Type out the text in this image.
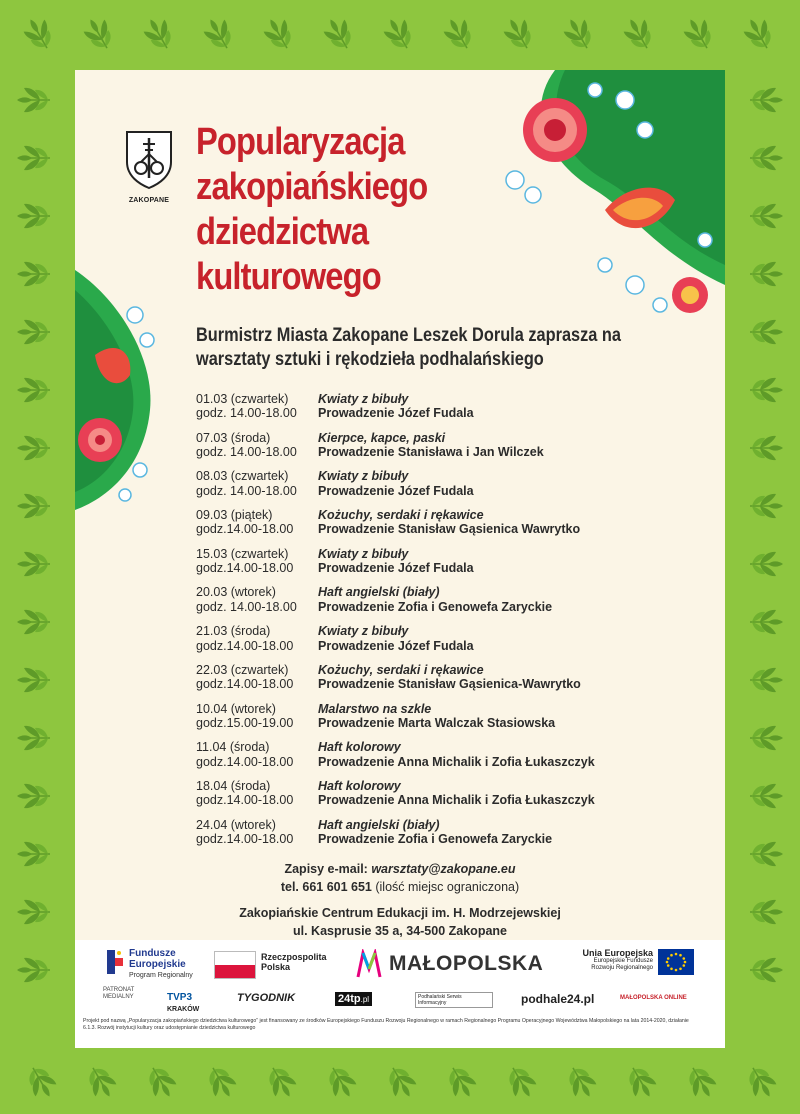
ZAKOPANE
Popularyzacja zakopiańskiego dziedzictwa kulturowego

Burmistrz Miasta Zakopane Leszek Dorula zaprasza na warsztaty sztuki i rękodzieła podhalańskiego

01.03 (czwartek)
godz. 14.00-18.00
Kwiaty z bibuły
Prowadzenie Józef Fudala
07.03 (środa)
godz. 14.00-18.00
Kierpce, kapce, paski
Prowadzenie Stanisława i Jan Wilczek
08.03 (czwartek)
godz. 14.00-18.00
Kwiaty z bibuły
Prowadzenie Józef Fudala
09.03 (piątek)
godz.14.00-18.00
Kożuchy, serdaki i rękawice
Prowadzenie Stanisław Gąsienica Wawrytko
15.03 (czwartek)
godz.14.00-18.00
Kwiaty z bibuły
Prowadzenie Józef Fudala
20.03 (wtorek)
godz. 14.00-18.00
Haft angielski (biały)
Prowadzenie Zofia i Genowefa Zaryckie
21.03 (środa)
godz.14.00-18.00
Kwiaty z bibuły
Prowadzenie Józef Fudala
22.03 (czwartek)
godz.14.00-18.00
Kożuchy, serdaki i rękawice
Prowadzenie Stanisław Gąsienica-Wawrytko
10.04 (wtorek)
godz.15.00-19.00
Malarstwo na szkle
Prowadzenie Marta Walczak Stasiowska
11.04 (środa)
godz.14.00-18.00
Haft kolorowy
Prowadzenie Anna Michalik i Zofia Łukaszczyk
18.04 (środa)
godz.14.00-18.00
Haft kolorowy
Prowadzenie Anna Michalik i Zofia Łukaszczyk
24.04 (wtorek)
godz.14.00-18.00
Haft angielski (biały)
Prowadzenie Zofia i Genowefa Zaryckie
Zapisy e-mail: warsztaty@zakopane.eu
tel. 661 601 651 (ilość miejsc ograniczona)
Zakopiańskie Centrum Edukacji im. H. Modrzejewskiej
ul. Kasprusie 35 a, 34-500 Zakopane
Fundusze
Europejskie
Program Regionalny
Rzeczpospolita
Polska	MAŁOPOLSKA	Unia Europejska
Europejskie Fundusze
Rozwoju Regionalnego
PATRONAT MEDIALNY	TVP3
KRAKÓW
TYGODNIK	24tp.pl	Podhalański Serwis Informacyjny	podhale24.pl	MAŁOPOLSKA ONLINE
Projekt pod nazwą „Popularyzacja zakopiańskiego dziedzictwa kulturowego” jest finansowany ze środków Europejskiego Funduszu Rozwoju Regionalnego w ramach Regionalnego Programu Operacyjnego Województwa Małopolskiego na lata 2014-2020, działanie 6.1.3. Rozwój instytucji kultury oraz udostępnianie dziedzictwa kulturowego
